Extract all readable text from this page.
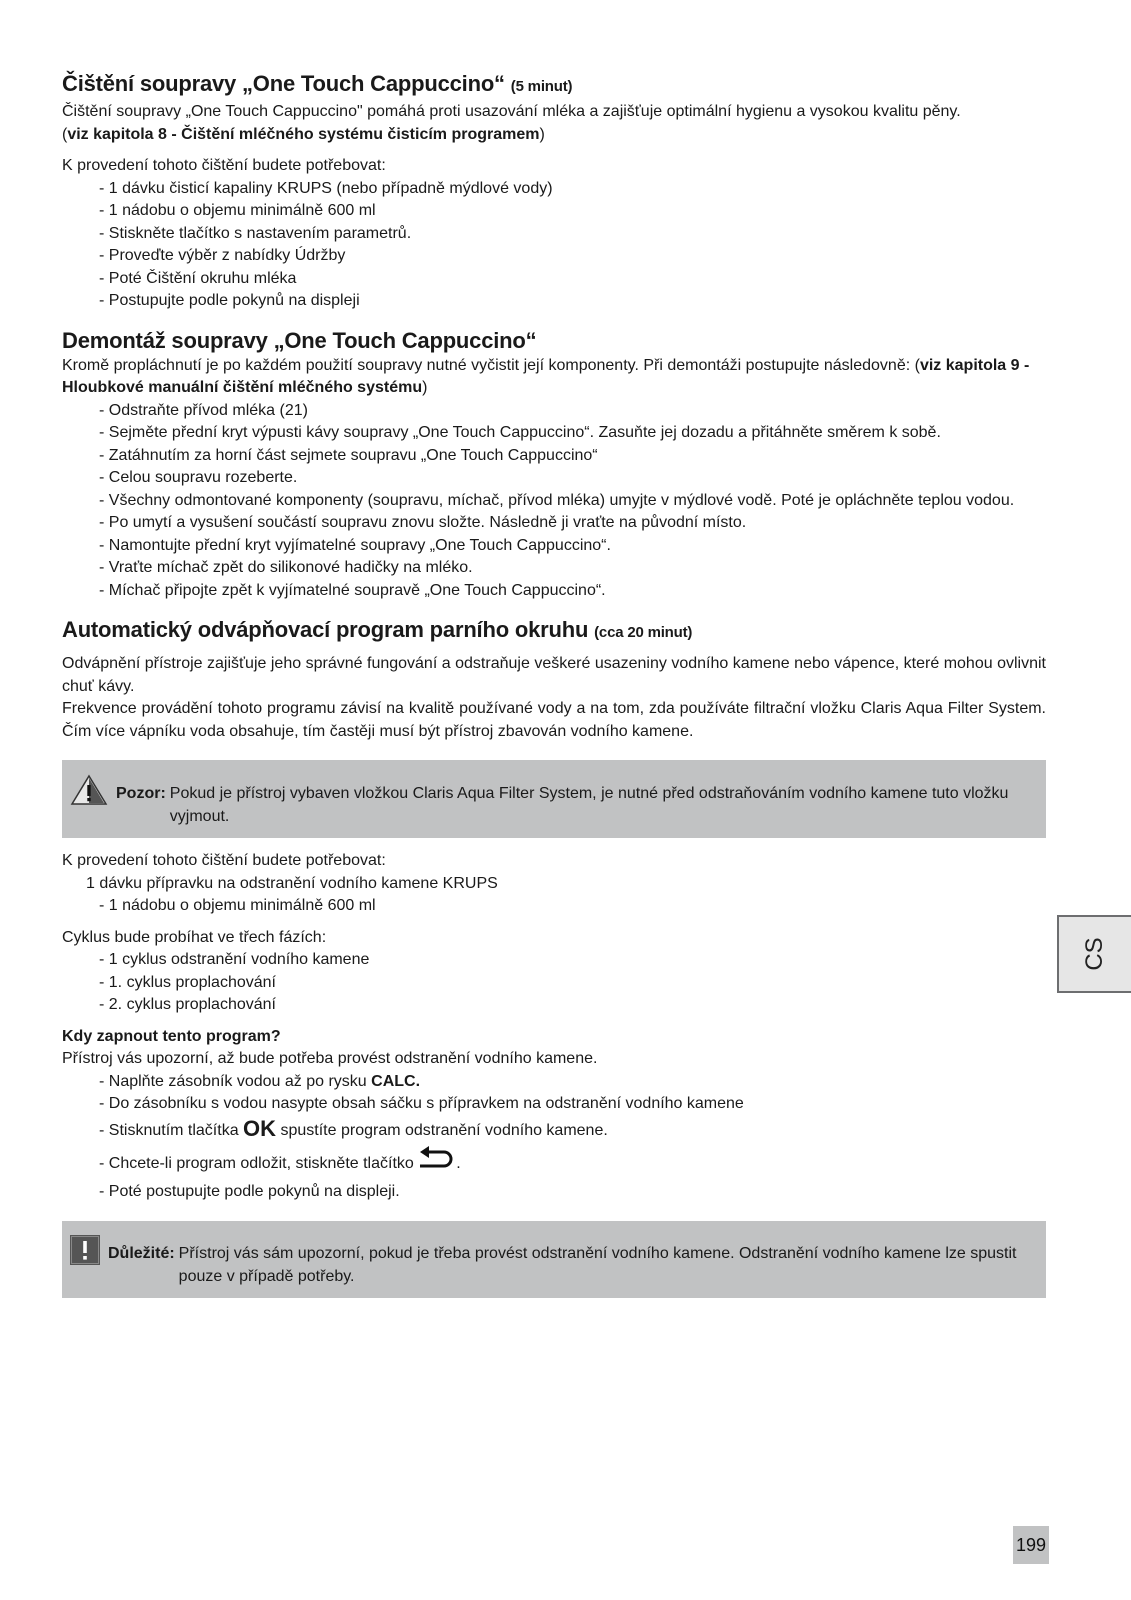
Čištění soupravy „One Touch Cappuccino“ (5 minut)

Čištění soupravy „One Touch Cappuccino" pomáhá proti usazování mléka a zajišťuje optimální hygienu a vysokou kvalitu pěny.

(viz kapitola 8 - Čištění mléčného systému čisticím programem)

K provedení tohoto čištění budete potřebovat:

- 1 dávku čisticí kapaliny KRUPS (nebo případně mýdlové vody)
- 1 nádobu o objemu minimálně 600 ml
- Stiskněte tlačítko s nastavením parametrů.
- Proveďte výběr z nabídky Údržby
- Poté Čištění okruhu mléka
- Postupujte podle pokynů na displeji
Demontáž soupravy „One Touch Cappuccino“

Kromě propláchnutí je po každém použití soupravy nutné vyčistit její komponenty. Při demontáži postupujte následovně: (viz kapitola 9 - Hloubkové manuální čištění mléčného systému)

- Odstraňte přívod mléka (21)
- Sejměte přední kryt výpusti kávy soupravy „One Touch Cappuccino“. Zasuňte jej dozadu a přitáhněte směrem k sobě.
- Zatáhnutím za horní část sejmete soupravu „One Touch Cappuccino“
- Celou soupravu rozeberte.
- Všechny odmontované komponenty (soupravu, míchač, přívod mléka) umyjte v mýdlové vodě. Poté je opláchněte teplou vodou.
- Po umytí a vysušení součástí soupravu znovu složte. Následně ji vraťte na původní místo.
- Namontujte přední kryt vyjímatelné soupravy „One Touch Cappuccino“.
- Vraťte míchač zpět do silikonové hadičky na mléko.
- Míchač připojte zpět k vyjímatelné soupravě „One Touch Cappuccino“.
Automatický odvápňovací program parního okruhu (cca 20 minut)

Odvápnění přístroje zajišťuje jeho správné fungování a odstraňuje veškeré usazeniny vodního kamene nebo vápence, které mohou ovlivnit chuť kávy.

Frekvence provádění tohoto programu závisí na kvalitě používané vody a na tom, zda používáte filtrační vložku Claris Aqua Filter System. Čím více vápníku voda obsahuje, tím častěji musí být přístroj zbavován vodního kamene.

Pozor: Pokud je přístroj vybaven vložkou Claris Aqua Filter System, je nutné před odstraňováním vodního kamene tuto vložku vyjmout.

K provedení tohoto čištění budete potřebovat:

1 dávku přípravku na odstranění vodního kamene KRUPS
- 1 nádobu o objemu minimálně 600 ml

Cyklus bude probíhat ve třech fázích:

- 1 cyklus odstranění vodního kamene
- 1. cyklus proplachování
- 2. cyklus proplachování

Kdy zapnout tento program?

Přístroj vás upozorní, až bude potřeba provést odstranění vodního kamene.

- Naplňte zásobník vodou až po rysku CALC.
- Do zásobníku s vodou nasypte obsah sáčku s přípravkem na odstranění vodního kamene
- Stisknutím tlačítka OK spustíte program odstranění vodního kamene.
- Chcete-li program odložit, stiskněte tlačítko .
- Poté postupujte podle pokynů na displeji.
Důležité: Přístroj vás sám upozorní, pokud je třeba provést odstranění vodního kamene. Odstranění vodního kamene lze spustit pouze v případě potřeby.
CS
199
